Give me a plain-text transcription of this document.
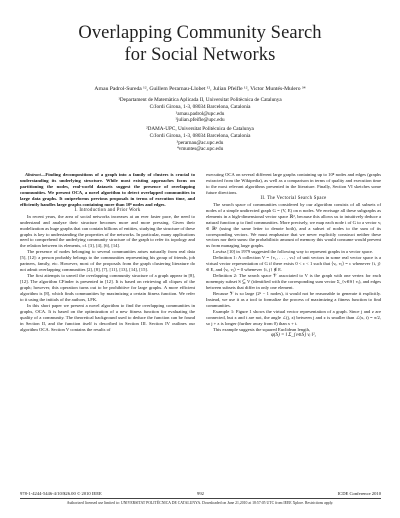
Overlapping Community Search
for Social Networks
Arnau Padrol-Sureda ¹², Guillem Perarnau-Llobet ¹², Julian Pfeifle ¹², Victor Muntés-Mulero ³⁴
¹Departament de Matemàtica Aplicada II, Universitat Politècnica de Catalunya
C/Jordi Girona, 1-3, 08034 Barcelona, Catalonia
¹arnau.padrol@upc.edu
¹julian.pfeifle@upc.edu
²DAMA-UPC, Universitat Politècnica de Catalunya
C/Jordi Girona, 1-3, 08034 Barcelona, Catalonia
³perarnau@ac.upc.edu
⁴vmuntes@ac.upc.edu

Abstract—Finding decompositions of a graph into a family of clusters is crucial to understanding its underlying structure. While most existing approaches focus on partitioning the nodes, real-world datasets suggest the presence of overlapping communities. We present OCA, a novel algorithm to detect overlapped communities in large data graphs. It outperforms previous proposals in terms of execution time, and efficiently handles large graphs containing more than 10⁸ nodes and edges.

I. Introduction and Prior Work

In recent years, the area of social networks increases at an ever faster pace, the need to understand and analyze their structure becomes more and more pressing. Given their modelization as huge graphs that can contain billions of entities, studying the structure of these graphs is key to understanding the properties of the networks. In particular, many applications need to comprehend the underlying community structure of the graph to refer its topology and the relation between its elements, cf. [3], [4], [6], [14].

The presence of nodes belonging to several communities arises naturally from real data [5], [12]: a person probably belongs to the communities representing his group of friends, job partners, family, etc. However, most of the proposals from the graph clustering literature do not admit overlapping communities [2], [8], [7], [11], [13], [14], [15].

The first attempts to unveil the overlapping community structure of a graph appear in [8], [12]. The algorithm CFinder is presented in [12]. It is based on retrieving all cliques of the graph; however, this operation turns out to be prohibitive for large graphs. A more efficient algorithm is [8], which finds communities by maximizing a certain fitness function. We refer to it using the initials of the authors, LFK.

In this short paper we present a novel algorithm to find the overlapping communities in graphs, OCA. It is based on the optimization of a new fitness function for evaluating the quality of a community. The theoretical background used to deduce the function can be found in Section II, and the function itself is described in Section III. Section IV outlines our algorithm OCA. Section V contains the results of

executing OCA on several different large graphs containing up to 10⁸ nodes and edges (graphs extracted from the Wikipedia), as well as a comparison in terms of quality and execution time to the most relevant algorithms presented in the literature. Finally, Section VI sketches some future directions.

II. The Vectorial Search Space

The search space of communities considered by our algorithm consists of all subsets of nodes of a simple undirected graph G = (V, E) on n nodes. We envisage all these subgraphs as elements in a high-dimensional vector space ℝᵈ, because this allows us to intuitively deduce a natural function φ to find communities. More precisely, we map each node i of G to a vector vᵢ ∈ ℝᵈ (using the same letter to denote both), and a subset of nodes to the sum of its corresponding vectors. We must emphasize that we never explicitly construct neither these vectors nor their sums: the probabilistic amount of memory this would consume would prevent us from managing large graphs.

Lovász [10] in 1979 suggested the following way to represent graphs in a vector space.

Definition 1: A collection V = {v₁, . . . , vₙ} of unit vectors in some real vector space is a virtual vector representation of G if there exists 0 < c < 1 such that ⟨vᵢ, vⱼ⟩ = c whenever {i, j} ∈ E, and ⟨vᵢ, vⱼ⟩ = 0 whenever {i, j} ∉ E.

Definition 2: The search space 𝒱 associated to V is the graph with one vertex for each nonempty subset S ⊆ V (identified with the corresponding sum vector Σ_{v∈S} vᵢ), and edges between subsets that differ in only one element.

Because 𝒱 is so large (2ⁿ − 1 nodes), it would not be reasonable to generate it explicitly. Instead, we use it as a tool to formalize the process of maximizing a fitness function to find communities.

Example 1: Figure 1 shows the virtual vector representation of a graph. Since j and z are connected, but x and t are not, the angle ∠(j, z) between j and z is smaller than ∠(x, t) = π/2, so j + z is longer (further away from 0) than x + t.

This example suggests the squared Euclidean length,

φ(S) = ‖ Σ_{v∈S} vᵢ ‖²,

978-1-4244-5446-4/10/$26.00 © 2010 IEEE	992	ICDE Conference 2010
Authorized licensed use limited to: UNIVERSITAT POLITÈCNICA DE CATALUNYA. Downloaded on June 21,2010 at 18:57:05 UTC from IEEE Xplore. Restrictions apply.
